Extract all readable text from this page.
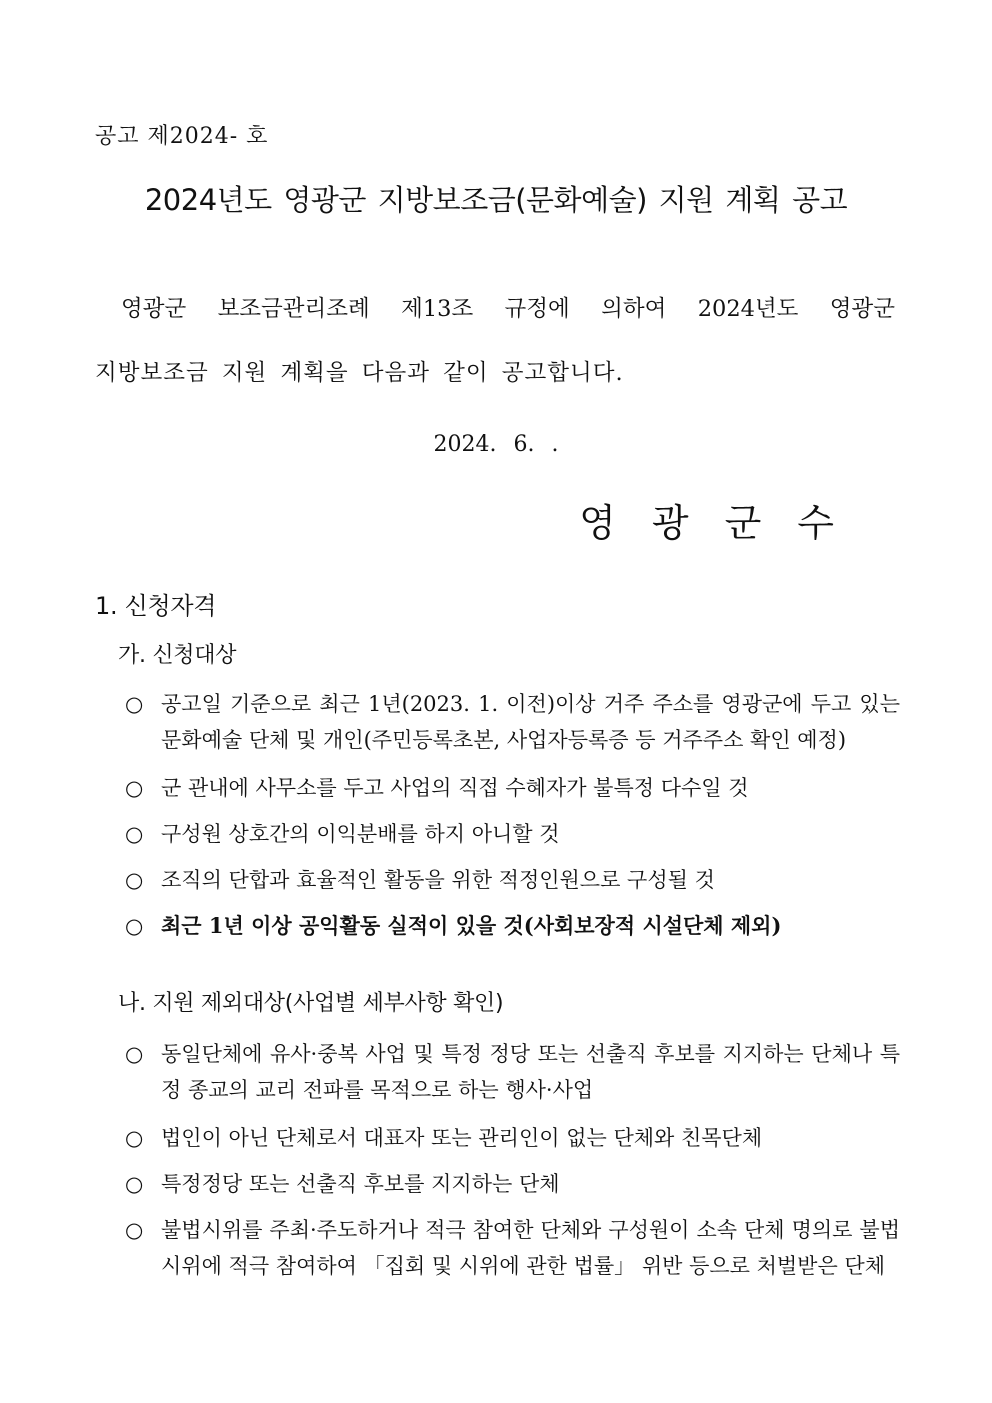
공고 제2024- 호
2024년도 영광군 지방보조금(문화예술) 지원 계획 공고
영광군 보조금관리조례 제13조 규정에 의하여 2024년도 영광군
지방보조금 지원 계획을 다음과 같이 공고합니다.
2024. 6. .
영광군수
1. 신청자격
가. 신청대상
○ 공고일 기준으로 최근 1년(2023. 1. 이전)이상 거주 주소를 영광군에 두고 있는 문화예술 단체 및 개인(주민등록초본, 사업자등록증 등 거주주소 확인 예정)
○ 군 관내에 사무소를 두고 사업의 직접 수혜자가 불특정 다수일 것
○ 구성원 상호간의 이익분배를 하지 아니할 것
○ 조직의 단합과 효율적인 활동을 위한 적정인원으로 구성될 것
○ 최근 1년 이상 공익활동 실적이 있을 것(사회보장적 시설단체 제외)
나. 지원 제외대상(사업별 세부사항 확인)
○ 동일단체에 유사·중복 사업 및 특정 정당 또는 선출직 후보를 지지하는 단체나 특정 종교의 교리 전파를 목적으로 하는 행사·사업
○ 법인이 아닌 단체로서 대표자 또는 관리인이 없는 단체와 친목단체
○ 특정정당 또는 선출직 후보를 지지하는 단체
○ 불법시위를 주최·주도하거나 적극 참여한 단체와 구성원이 소속 단체 명의로 불법시위에 적극 참여하여 「집회 및 시위에 관한 법률」 위반 등으로 처벌받은 단체
